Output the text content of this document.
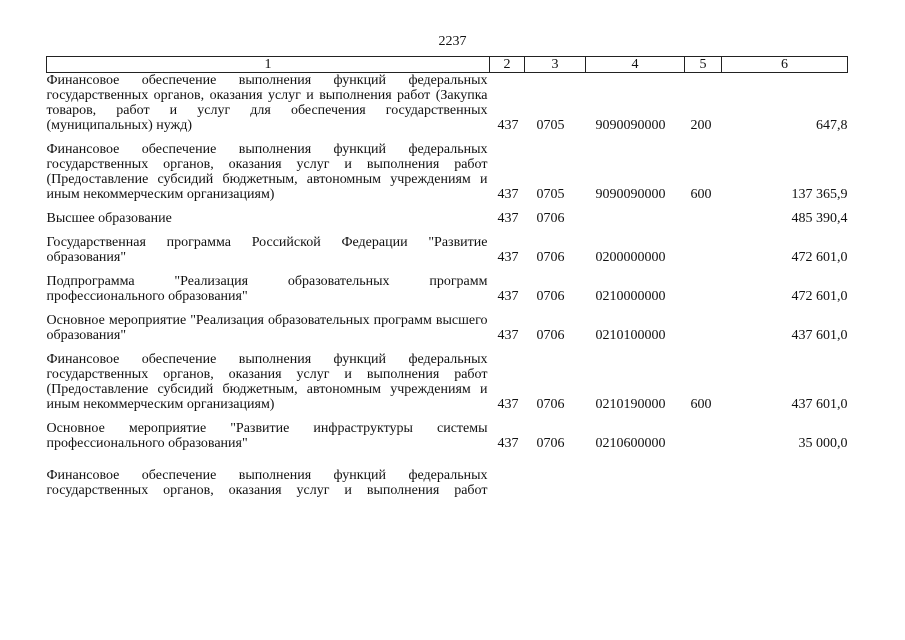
2237
1	2	3	4	5	6
Финансовое обеспечение выполнения функций федеральных государственных органов, оказания услуг и выполнения работ (Закупка товаров, работ и услуг для обеспечения государственных (муниципальных) нужд)	437	0705	9090090000	200	647,8
Финансовое обеспечение выполнения функций федеральных государственных органов, оказания услуг и выполнения работ (Предоставление субсидий бюджетным, автономным учреждениям и иным некоммерческим организациям)	437	0705	9090090000	600	137 365,9
Высшее образование	437	0706			485 390,4
Государственная программа Российской Федерации "Развитие образования"	437	0706	0200000000		472 601,0
Подпрограмма "Реализация образовательных программ профессионального образования"	437	0706	0210000000		472 601,0
Основное мероприятие "Реализация образовательных программ высшего образования"	437	0706	0210100000		437 601,0
Финансовое обеспечение выполнения функций федеральных государственных органов, оказания услуг и выполнения работ (Предоставление субсидий бюджетным, автономным учреждениям и иным некоммерческим организациям)	437	0706	0210190000	600	437 601,0
Основное мероприятие "Развитие инфраструктуры системы профессионального образования"	437	0706	0210600000		35 000,0
Финансовое обеспечение выполнения функций федеральных государственных органов, оказания услуг и выполнения работ					
